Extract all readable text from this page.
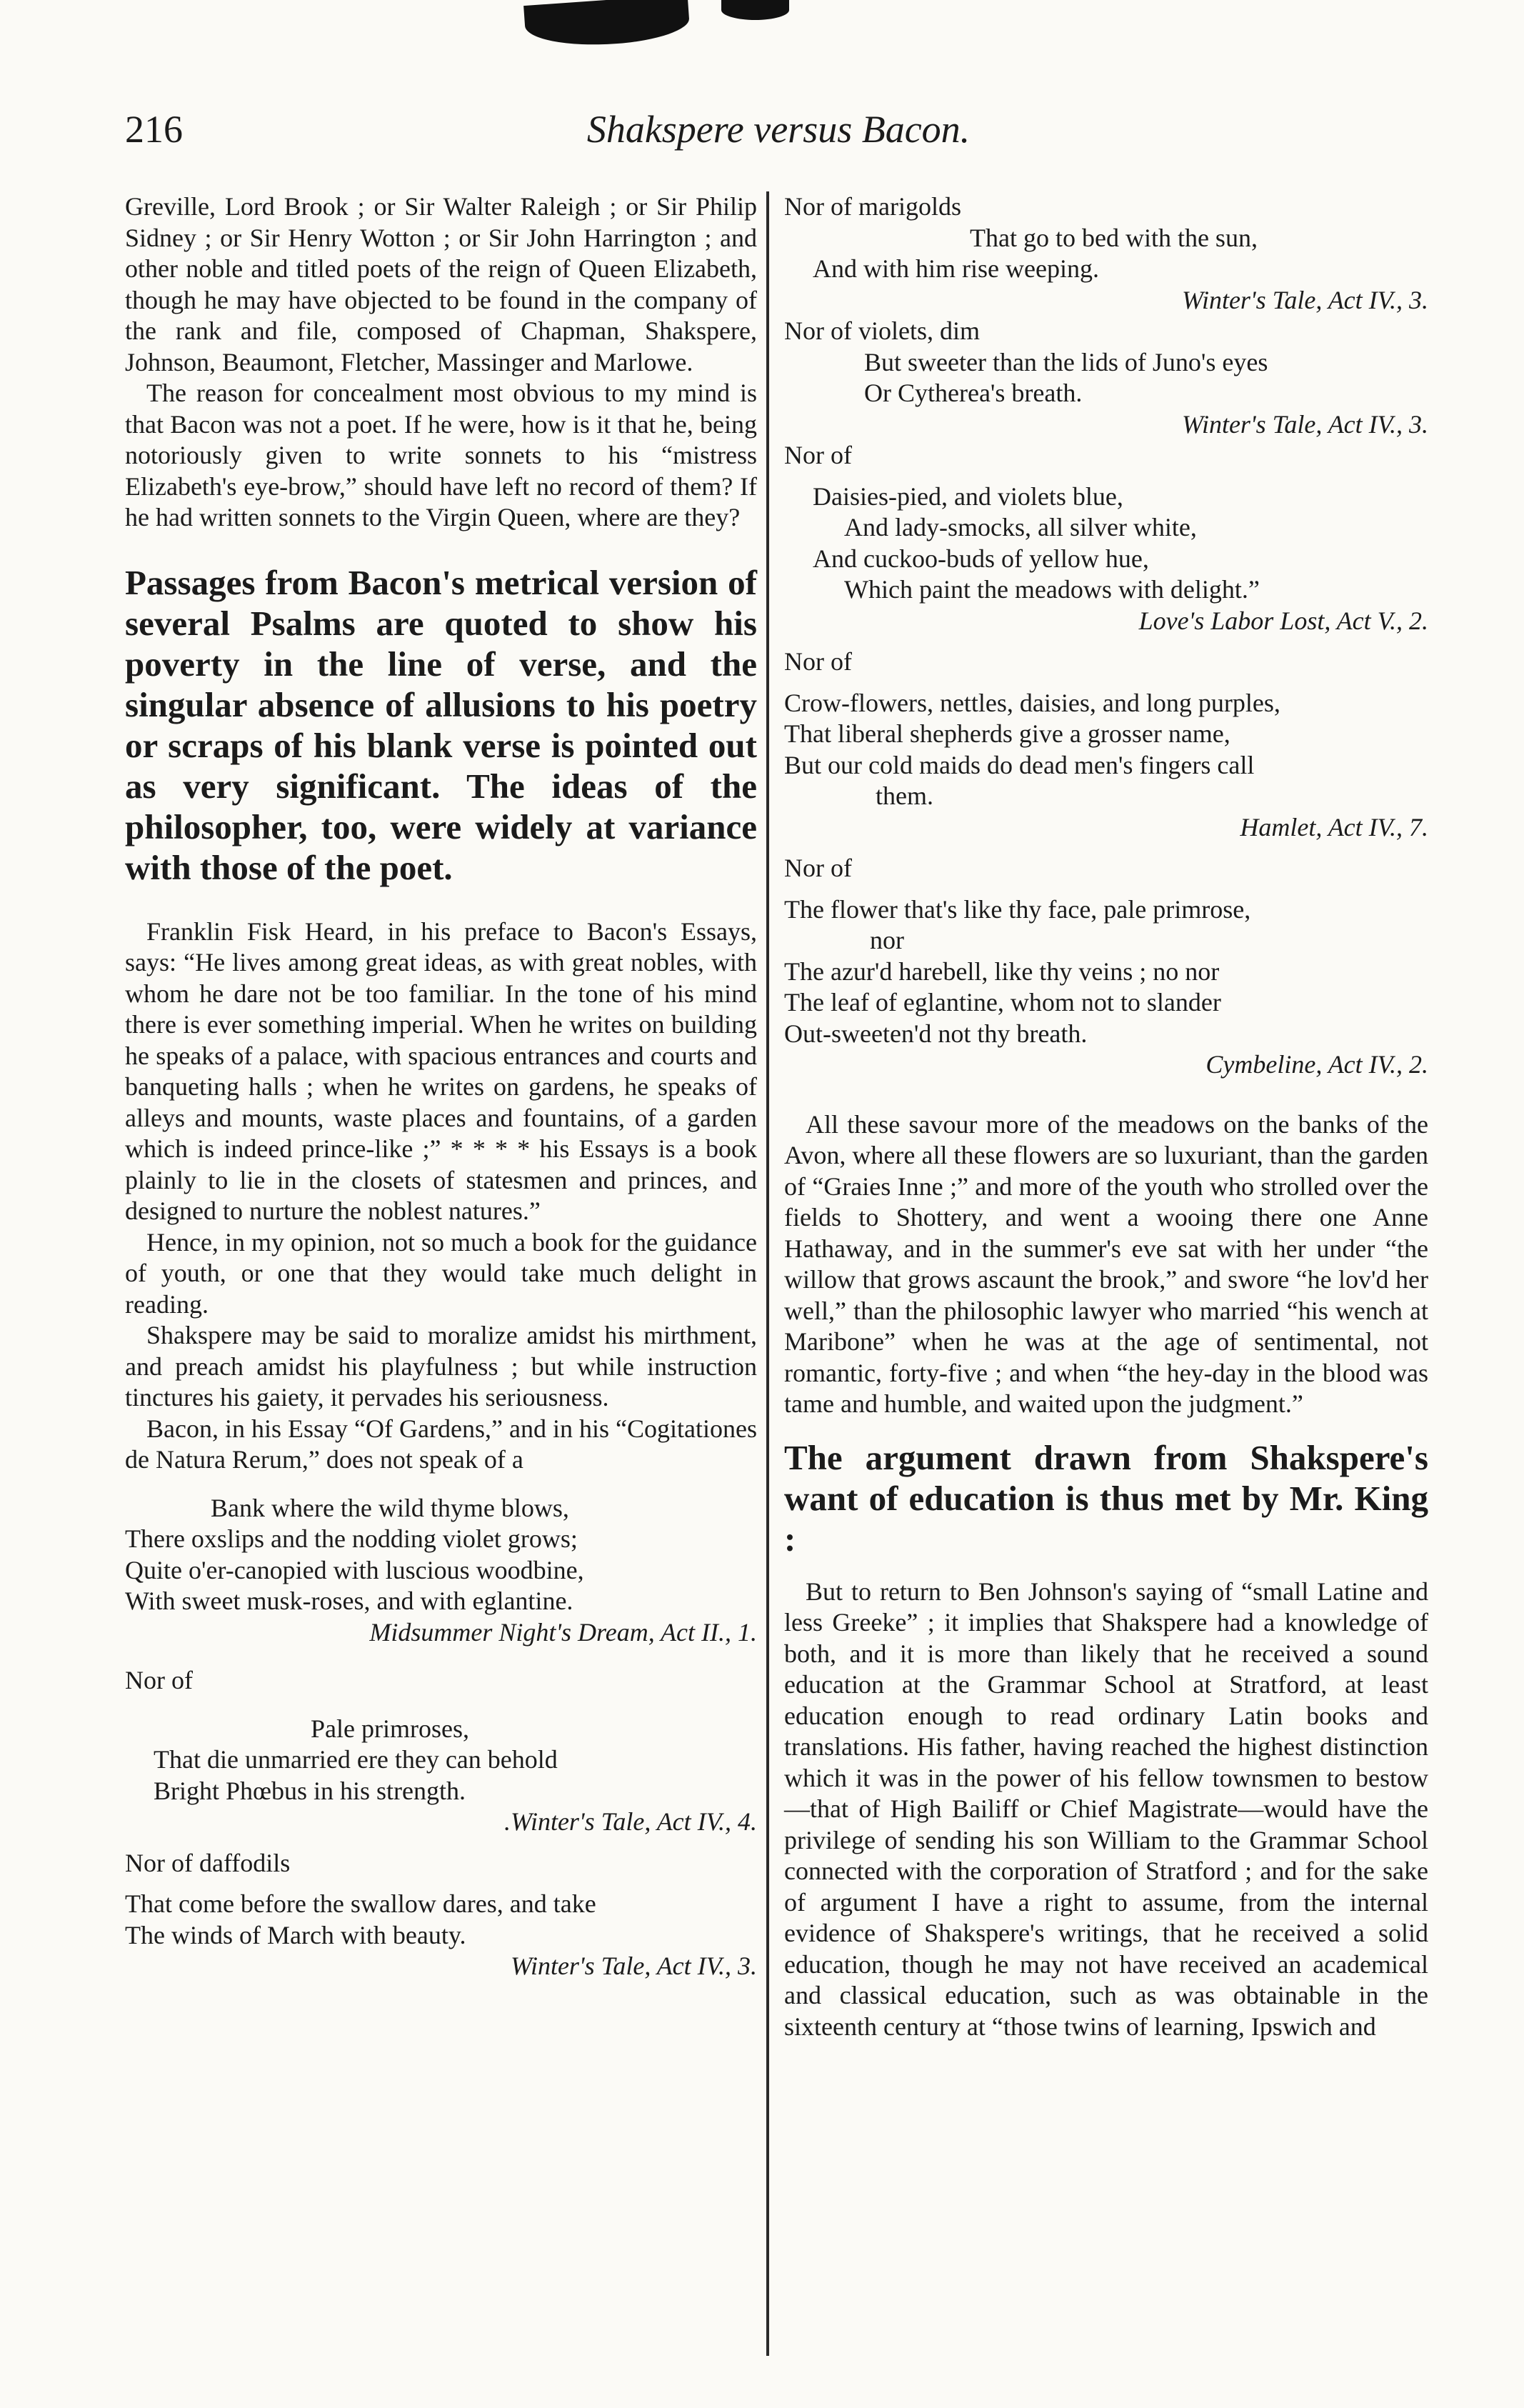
216	Shakspere versus Bacon.

Greville, Lord Brook ; or Sir Walter Raleigh ; or Sir Philip Sidney ; or Sir Henry Wotton ; or Sir John Harrington ; and other noble and titled poets of the reign of Queen Elizabeth, though he may have objected to be found in the company of the rank and file, composed of Chapman, Shakspere, Johnson, Beaumont, Fletcher, Massinger and Marlowe.

The reason for concealment most obvious to my mind is that Bacon was not a poet. If he were, how is it that he, being notoriously given to write sonnets to his “mistress Elizabeth's eye-brow,” should have left no record of them? If he had written sonnets to the Virgin Queen, where are they?

Passages from Bacon's metrical version of several Psalms are quoted to show his poverty in the line of verse, and the singular absence of allusions to his poetry or scraps of his blank verse is pointed out as very significant. The ideas of the philosopher, too, were widely at variance with those of the poet.

Franklin Fisk Heard, in his preface to Bacon's Essays, says: “He lives among great ideas, as with great nobles, with whom he dare not be too familiar. In the tone of his mind there is ever something imperial. When he writes on building he speaks of a palace, with spacious entrances and courts and banqueting halls ; when he writes on gardens, he speaks of alleys and mounts, waste places and fountains, of a garden which is indeed prince-like ;” * * * * his Essays is a book plainly to lie in the closets of statesmen and princes, and designed to nurture the noblest natures.”

Hence, in my opinion, not so much a book for the guidance of youth, or one that they would take much delight in reading.

Shakspere may be said to moralize amidst his mirthment, and preach amidst his playfulness ; but while instruction tinctures his gaiety, it pervades his seriousness.

Bacon, in his Essay “Of Gardens,” and in his “Cogitationes de Natura Rerum,” does not speak of a

Bank where the wild thyme blows,
There oxslips and the nodding violet grows;
Quite o'er-canopied with luscious woodbine,
With sweet musk-roses, and with eglantine.
Midsummer Night's Dream, Act II., 1.
Nor of
Pale primroses,
That die unmarried ere they can behold
Bright Phœbus in his strength.
.Winter's Tale, Act IV., 4.
Nor of daffodils
That come before the swallow dares, and take
The winds of March with beauty.
Winter's Tale, Act IV., 3.
Nor of marigolds
That go to bed with the sun,
And with him rise weeping.
Winter's Tale, Act IV., 3.
Nor of violets, dim
But sweeter than the lids of Juno's eyes
Or Cytherea's breath.
Winter's Tale, Act IV., 3.
Nor of
Daisies-pied, and violets blue,
And lady-smocks, all silver white,
And cuckoo-buds of yellow hue,
Which paint the meadows with delight.”
Love's Labor Lost, Act V., 2.
Nor of
Crow-flowers, nettles, daisies, and long purples,
That liberal shepherds give a grosser name,
But our cold maids do dead men's fingers call
them.
Hamlet, Act IV., 7.
Nor of
The flower that's like thy face, pale primrose,
nor
The azur'd harebell, like thy veins ; no nor
The leaf of eglantine, whom not to slander
Out-sweeten'd not thy breath.
Cymbeline, Act IV., 2.

All these savour more of the meadows on the banks of the Avon, where all these flowers are so luxuriant, than the garden of “Graies Inne ;” and more of the youth who strolled over the fields to Shottery, and went a wooing there one Anne Hathaway, and in the summer's eve sat with her under “the willow that grows ascaunt the brook,” and swore “he lov'd her well,” than the philosophic lawyer who married “his wench at Maribone” when he was at the age of sentimental, not romantic, forty-five ; and when “the hey-day in the blood was tame and humble, and waited upon the judgment.”

The argument drawn from Shakspere's want of education is thus met by Mr. King :

But to return to Ben Johnson's saying of “small Latine and less Greeke” ; it implies that Shakspere had a knowledge of both, and it is more than likely that he received a sound education at the Grammar School at Stratford, at least education enough to read ordinary Latin books and translations. His father, having reached the highest distinction which it was in the power of his fellow townsmen to bestow—that of High Bailiff or Chief Magistrate—would have the privilege of sending his son William to the Grammar School connected with the corporation of Stratford ; and for the sake of argument I have a right to assume, from the internal evidence of Shakspere's writings, that he received a solid education, though he may not have received an academical and classical education, such as was obtainable in the sixteenth century at “those twins of learning, Ipswich and
